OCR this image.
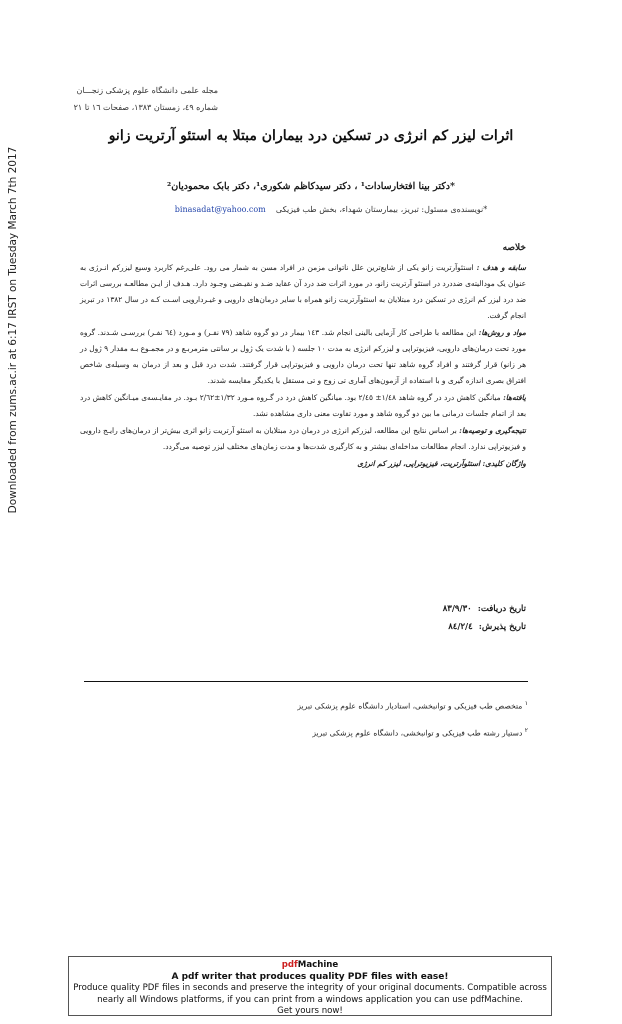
Downloaded from zums.ac.ir at 6:17 IRST on Tuesday March 7th 2017
مجله علمی دانشگاه علوم پزشکی زنجـــان
شماره ٤٩، زمستان ١٣٨٣، صفحات ١٦ تا ٢١
اثرات لیزر کم انرژی در تسکین درد بیماران مبتلا به استئو آرتریت زانو
*دکتر بینا افتخارسادات¹ ، دکتر سیدکاظم شکوری¹، دکتر بابک محمودیان²
*نویسنده‌ی مسئول: تبریز، بیمارستان شهداء، بخش طب فیزیکی    binasadat@yahoo.com
خلاصه

سابقه و هدف : استئوآرتریت زانو یکی از شایع‌ترین علل ناتوانی مزمن در افراد مسن به شمار می رود. علی‌رغم کاربرد وسیع لیزرکم انـرژی به عنوان یک مودالیته‌ی ضددرد در استئو آرتریت زانو، در مورد اثرات ضد درد آن عقاید ضـد و نقیـضی وجـود دارد. هـدف از ایـن مطالعـه بررسی اثرات ضد درد لیزر کم انرژی در تسکین درد مبتلایان به استئوآرتریت زانو همراه با سایر درمان‌های دارویی و غیـردارویی اسـت کـه در سال ١٣٨٢ در تبریز انجام گرفت.

مواد و روش‌ها: این مطالعه با طراحی کار آزمایی بالینی انجام شد. ١٤٣ بیمار در دو گروه شاهد (٧٩ نفـر) و مـورد (٦٤ نفـر) بررسـی شـدند. گروه مورد تحت درمان‌های دارویی، فیزیوتراپی و لیزرکم انرژی به مدت ١٠ جلسه ( با شدت یک ژول بر سانتی مترمربـع و در مجمـوع بـه مقدار ٩ ژول در هر زانو) قرار گرفتند و افراد گروه شاهد تنها تحت درمان دارویی و فیزیوتراپی قرار گرفتند. شدت درد قبل و بعد از درمان به وسیله‌ی شاخص افتراق بصری اندازه گیری و با استفاده از آزمون‌های آماری تی زوج و تی مستقل با یکدیگر مقایسه شدند.

یافته‌ها: میانگین کاهش درد در گروه شاهد ١/٤٨± ٢/٤٥ بود. میانگین کاهش درد در گـروه مـورد ١/٣٢±٢/٦٢ بـود. در مقایـسه‌ی میـانگین کاهش درد بعد از اتمام جلسات درمانی ما بین دو گروه شاهد و مورد تفاوت معنی داری مشاهده نشد.

نتیجه‌گیری و توصیه‌ها: بر اساس نتایج این مطالعه، لیزرکم انرژی در درمان درد مبتلایان به استئو آرتریت زانو اثری بیش‌تر از درمان‌های رایـج دارویی و فیزیوتراپی ندارد. انجام مطالعات مداخله‌ای بیشتر و به کارگیری شدت‌ها و مدت زمان‌های مختلف لیزر توصیه می‌گردد.

واژگان کلیدی: استئوآرتریت، فیزیوتراپی، لیزر کم انرژی

تاریخ دریافت:
٨٣/٩/٣٠
تاریخ پذیرش:
٨٤/٢/٤
$^١$ متخصص طب فیزیکی و توانبخشی، استادیار دانشگاه علوم پزشکی تبریز
$^٢$ دستیار رشته طب فیزیکی و توانبخشی، دانشگاه علوم پزشکی تبریز
pdfMachine
A pdf writer that produces quality PDF files with ease!
Produce quality PDF files in seconds and preserve the integrity of your original documents. Compatible across
nearly all Windows platforms, if you can print from a windows application you can use pdfMachine.
Get yours now!
